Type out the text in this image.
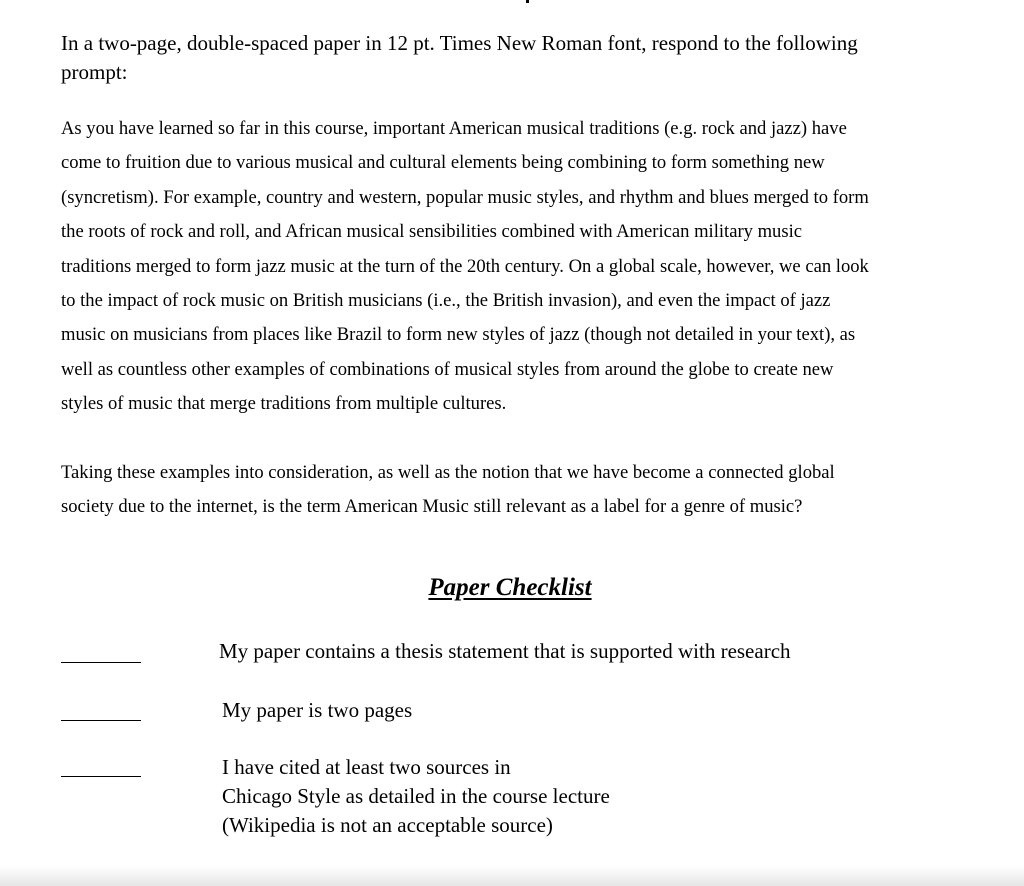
In a two-page, double-spaced paper in 12 pt. Times New Roman font, respond to the following
prompt:
As you have learned so far in this course, important American musical traditions (e.g. rock and jazz) have
come to fruition due to various musical and cultural elements being combining to form something new
(syncretism). For example, country and western, popular music styles, and rhythm and blues merged to form
the roots of rock and roll, and African musical sensibilities combined with American military music
traditions merged to form jazz music at the turn of the 20th century. On a global scale, however, we can look
to the impact of rock music on British musicians (i.e., the British invasion), and even the impact of jazz
music on musicians from places like Brazil to form new styles of jazz (though not detailed in your text), as
well as countless other examples of combinations of musical styles from around the globe to create new
styles of music that merge traditions from multiple cultures.
Taking these examples into consideration, as well as the notion that we have become a connected global
society due to the internet, is the term American Music still relevant as a label for a genre of music?
Paper Checklist
My paper contains a thesis statement that is supported with research
My paper is two pages
I have cited at least two sources in
Chicago Style as detailed in the course lecture
(Wikipedia is not an acceptable source)
